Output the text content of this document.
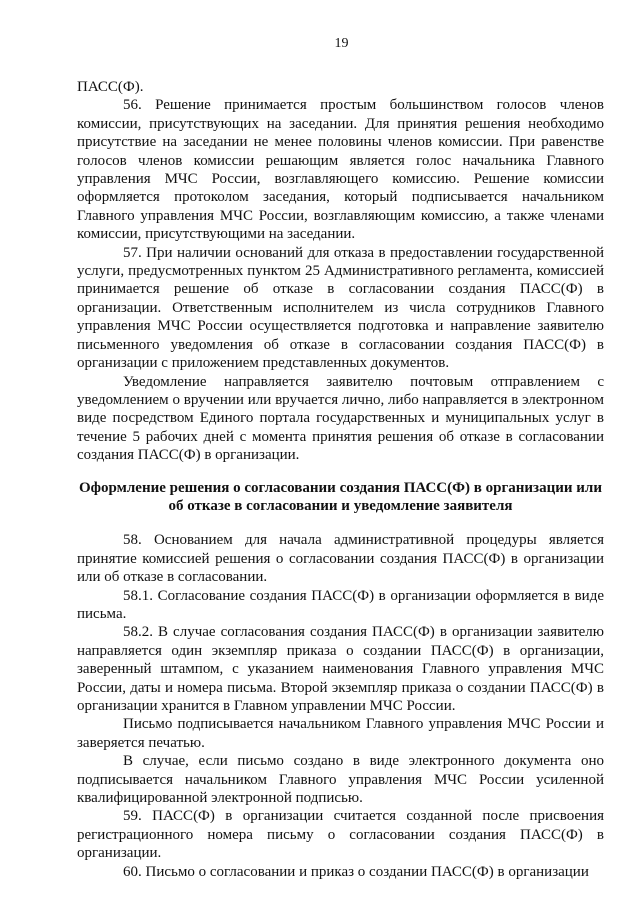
19

ПАСС(Ф).

56. Решение принимается простым большинством голосов членов комиссии, присутствующих на заседании. Для принятия решения необходимо присутствие на заседании не менее половины членов комиссии. При равенстве голосов членов комиссии решающим является голос начальника Главного управления МЧС России, возглавляющего комиссию. Решение комиссии оформляется протоколом заседания, который подписывается начальником Главного управления МЧС России, возглавляющим комиссию, а также членами комиссии, присутствующими на заседании.

57. При наличии оснований для отказа в предоставлении государственной услуги, предусмотренных пунктом 25 Административного регламента, комиссией принимается решение об отказе в согласовании создания ПАСС(Ф) в организации. Ответственным исполнителем из числа сотрудников Главного управления МЧС России осуществляется подготовка и направление заявителю письменного уведомления об отказе в согласовании создания ПАСС(Ф) в организации с приложением представленных документов.

Уведомление направляется заявителю почтовым отправлением с уведомлением о вручении или вручается лично, либо направляется в электронном виде посредством Единого портала государственных и муниципальных услуг в течение 5 рабочих дней с момента принятия решения об отказе в согласовании создания ПАСС(Ф) в организации.

Оформление решения о согласовании создания ПАСС(Ф) в организации или об отказе в согласовании и уведомление заявителя

58. Основанием для начала административной процедуры является принятие комиссией решения о согласовании создания ПАСС(Ф) в организации или об отказе в согласовании.

58.1. Согласование создания ПАСС(Ф) в организации оформляется в виде письма.

58.2. В случае согласования создания ПАСС(Ф) в организации заявителю направляется один экземпляр приказа о создании ПАСС(Ф) в организации, заверенный штампом, с указанием наименования Главного управления МЧС России, даты и номера письма. Второй экземпляр приказа о создании ПАСС(Ф) в организации хранится в Главном управлении МЧС России.

Письмо подписывается начальником Главного управления МЧС России и заверяется печатью.

В случае, если письмо создано в виде электронного документа оно подписывается начальником Главного управления МЧС России усиленной квалифицированной электронной подписью.

59. ПАСС(Ф) в организации считается созданной после присвоения регистрационного номера письму о согласовании создания ПАСС(Ф) в организации.

60. Письмо о согласовании и приказ о создании ПАСС(Ф) в организации
